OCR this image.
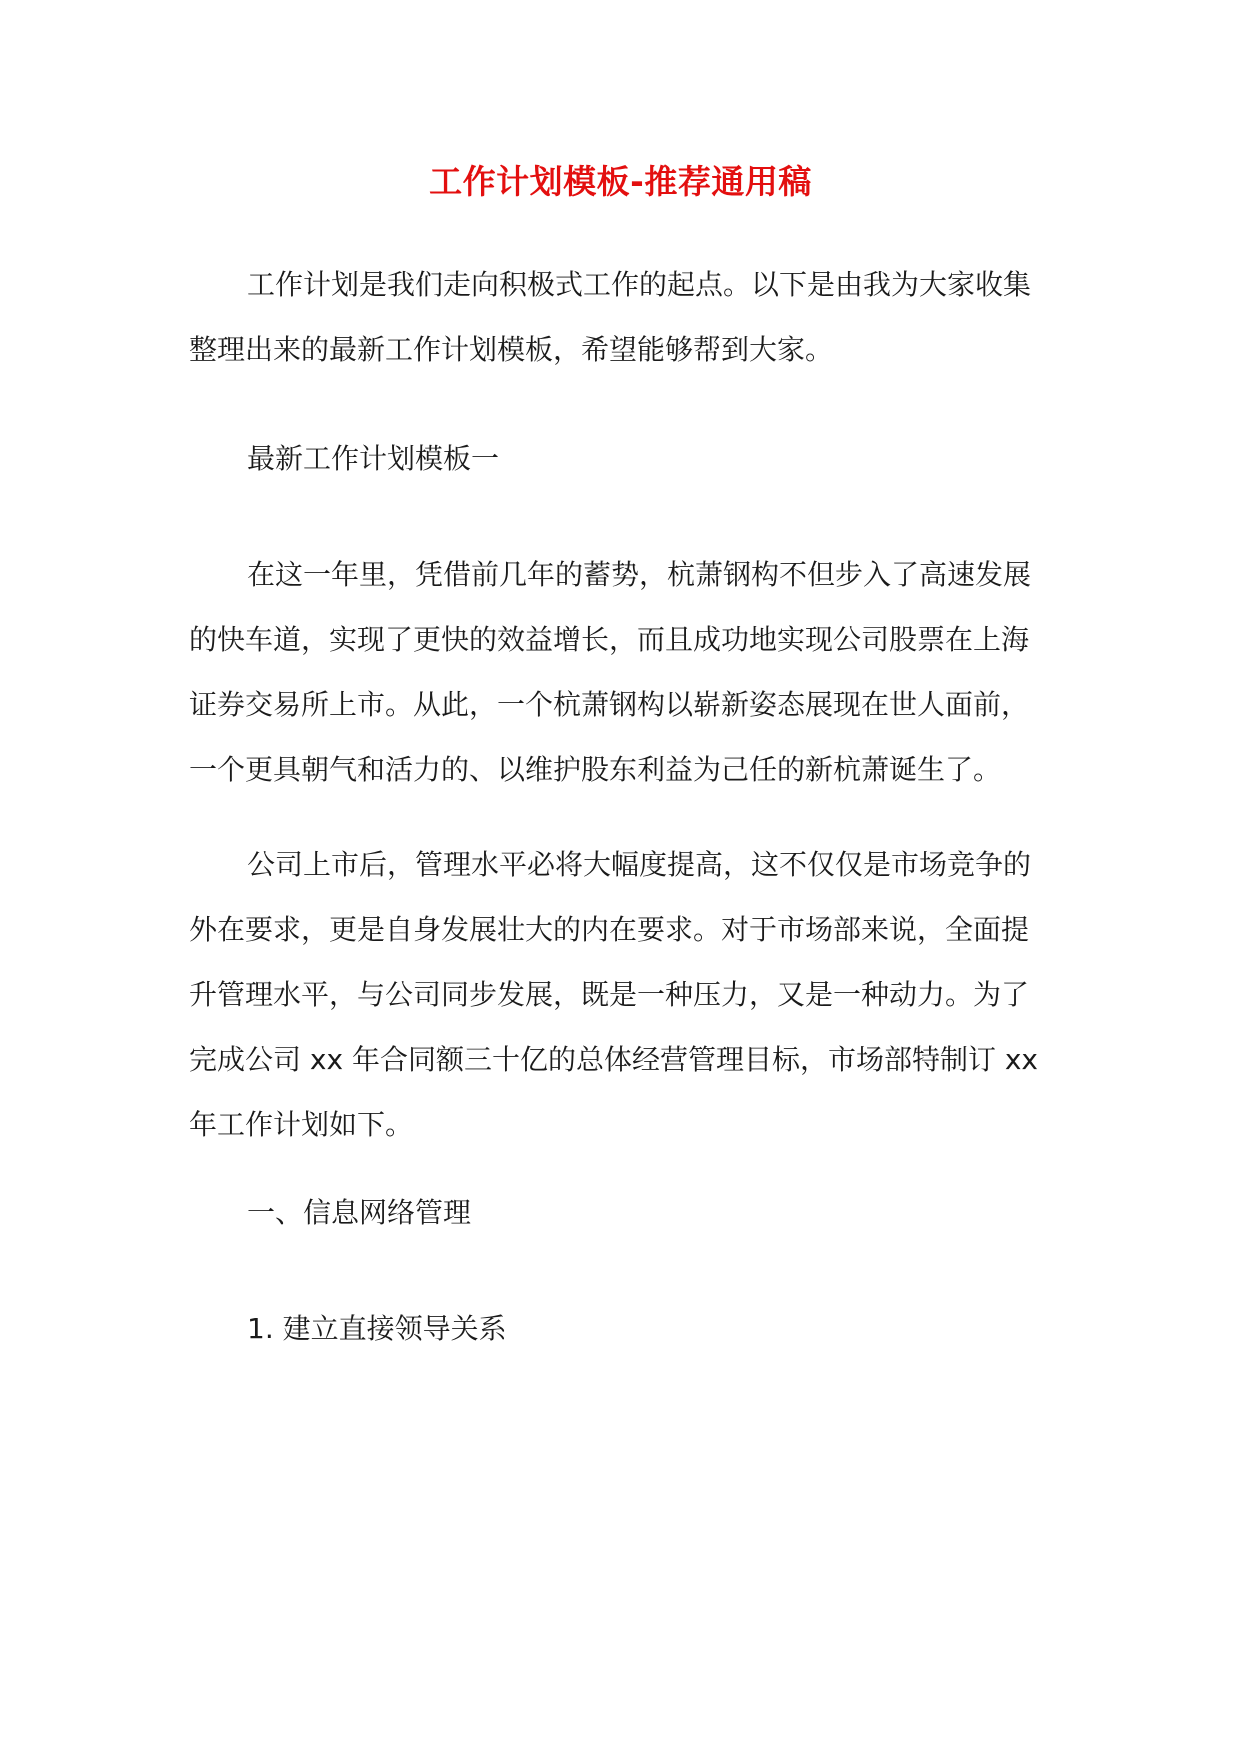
工作计划模板-推荐通用稿

工作计划是我们走向积极式工作的起点。以下是由我为大家收集
整理出来的最新工作计划模板，希望能够帮到大家。

最新工作计划模板一

在这一年里，凭借前几年的蓄势，杭萧钢构不但步入了高速发展
的快车道，实现了更快的效益增长，而且成功地实现公司股票在上海
证券交易所上市。从此，一个杭萧钢构以崭新姿态展现在世人面前，
一个更具朝气和活力的、以维护股东利益为己任的新杭萧诞生了。

公司上市后，管理水平必将大幅度提高，这不仅仅是市场竞争的
外在要求，更是自身发展壮大的内在要求。对于市场部来说，全面提
升管理水平，与公司同步发展，既是一种压力，又是一种动力。为了
完成公司 xx 年合同额三十亿的总体经营管理目标，市场部特制订 xx
年工作计划如下。

一、信息网络管理

1. 建立直接领导关系
